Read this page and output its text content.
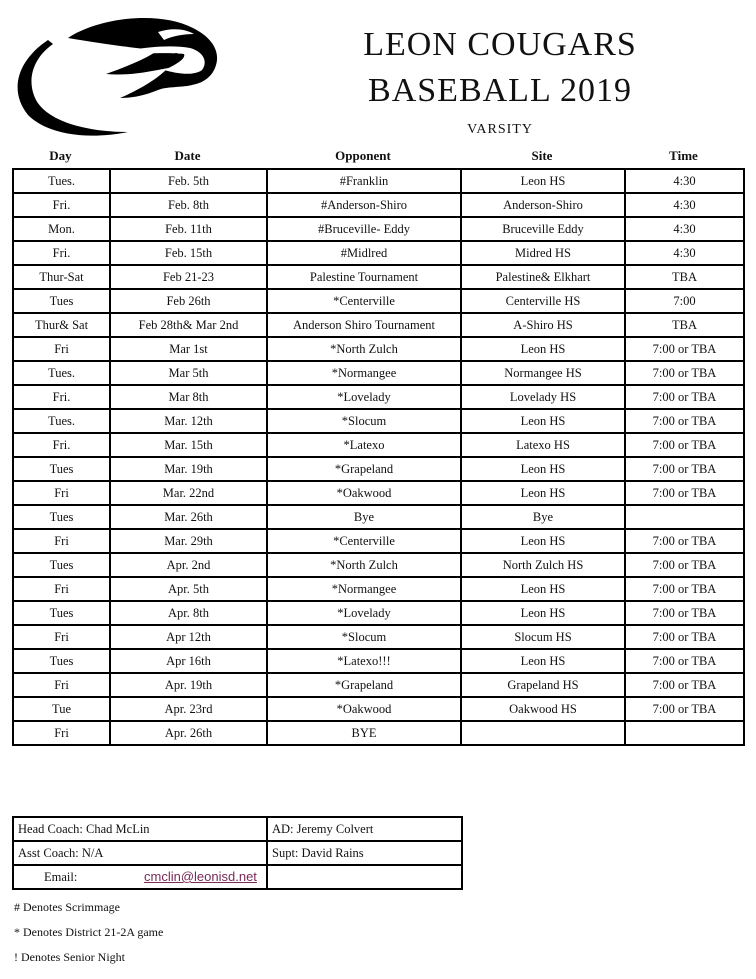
LEON COUGARS
BASEBALL 2019
VARSITY
Day	Date	Opponent	Site	Time
Tues.	Feb. 5th	#Franklin	Leon HS	4:30
Fri.	Feb. 8th	#Anderson-Shiro	Anderson-Shiro	4:30
Mon.	Feb. 11th	#Bruceville- Eddy	Bruceville Eddy	4:30
Fri.	Feb. 15th	#Midlred	Midred HS	4:30
Thur-Sat	Feb 21-23	Palestine Tournament	Palestine& Elkhart	TBA
Tues	Feb 26th	*Centerville	Centerville HS	7:00
Thur& Sat	Feb 28th& Mar 2nd	Anderson Shiro Tournament	A-Shiro HS	TBA
Fri	Mar 1st	*North Zulch	Leon HS	7:00 or TBA
Tues.	Mar 5th	*Normangee	Normangee HS	7:00 or TBA
Fri.	Mar 8th	*Lovelady	Lovelady HS	7:00 or TBA
Tues.	Mar. 12th	*Slocum	Leon HS	7:00 or TBA
Fri.	Mar. 15th	*Latexo	Latexo HS	7:00 or TBA
Tues	Mar. 19th	*Grapeland	Leon HS	7:00 or TBA
Fri	Mar. 22nd	*Oakwood	Leon HS	7:00 or TBA
Tues	Mar. 26th	Bye	Bye	
Fri	Mar. 29th	*Centerville	Leon HS	7:00 or TBA
Tues	Apr. 2nd	*North Zulch	North Zulch HS	7:00 or TBA
Fri	Apr. 5th	*Normangee	Leon HS	7:00 or TBA
Tues	Apr. 8th	*Lovelady	Leon HS	7:00 or TBA
Fri	Apr 12th	*Slocum	Slocum HS	7:00 or TBA
Tues	Apr 16th	*Latexo!!!	Leon HS	7:00 or TBA
Fri	Apr. 19th	*Grapeland	Grapeland HS	7:00 or TBA
Tue	Apr. 23rd	*Oakwood	Oakwood HS	7:00 or TBA
Fri	Apr. 26th	BYE		
Head Coach: Chad McLin	AD: Jeremy Colvert
Asst Coach: N/A	Supt: David Rains
Email: cmclin@leonisd.net	
# Denotes Scrimmage
* Denotes District 21-2A game
! Denotes Senior Night
